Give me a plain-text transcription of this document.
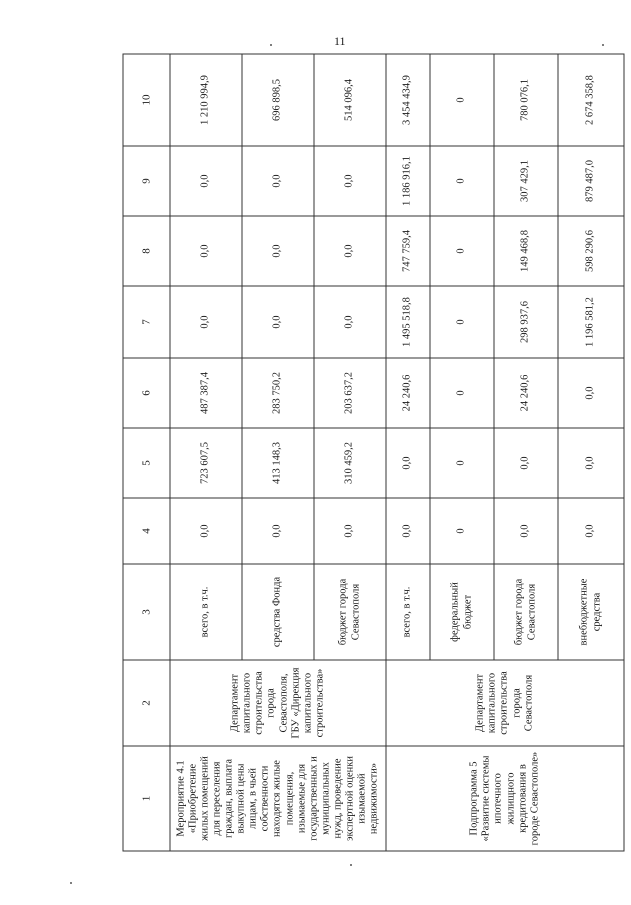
11
1	2	3	4	5	6	7	8	9	10
Мероприятие 4.1 «Приобретение жилых помещений для переселения граждан, выплата выкупной цены лицам, в чьей собственности находятся жилые помещения, изымаемые для государственных и муниципальных нужд, проведение экспертной оценки изымаемой недвижимости»	Департамент капитального строительства города Севастополя, ГБУ «Дирекция капитального строительства»	всего, в т.ч.	0,0	723 607,5	487 387,4	0,0	0,0	0,0	1 210 994,9
		средства Фонда	0,0	413 148,3	283 750,2	0,0	0,0	0,0	696 898,5
		бюджет города Севастополя	0,0	310 459,2	203 637,2	0,0	0,0	0,0	514 096,4
Подпрограмма 5 «Развитие системы ипотечного жилищного кредитования в городе Севастополе»	Департамент капитального строительства города Севастополя	всего, в т.ч.	0,0	0,0	24 240,6	1 495 518,8	747 759,4	1 186 916,1	3 454 434,9
		федеральный бюджет	0	0	0	0	0	0	0
		бюджет города Севастополя	0,0	0,0	24 240,6	298 937,6	149 468,8	307 429,1	780 076,1
		внебюджетные средства	0,0	0,0	0,0	1 196 581,2	598 290,6	879 487,0	2 674 358,8
